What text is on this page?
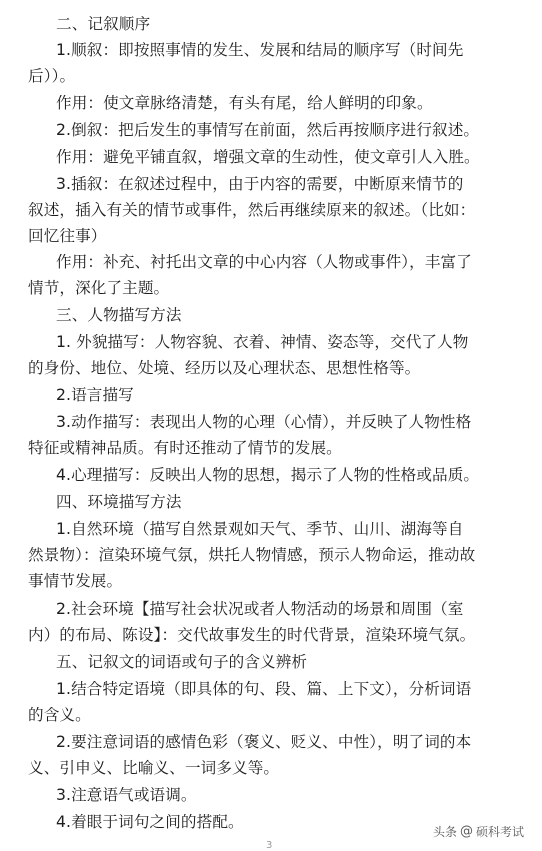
二、记叙顺序
1.顺叙：即按照事情的发生、发展和结局的顺序写（时间先
后））。
作用：使文章脉络清楚，有头有尾，给人鲜明的印象。
2.倒叙：把后发生的事情写在前面，然后再按顺序进行叙述。
作用：避免平铺直叙，增强文章的生动性，使文章引人入胜。
3.插叙：在叙述过程中，由于内容的需要，中断原来情节的
叙述，插入有关的情节或事件，然后再继续原来的叙述。（比如：
回忆往事）
作用：补充、衬托出文章的中心内容（人物或事件），丰富了
情节，深化了主题。
三、人物描写方法
1. 外貌描写：人物容貌、衣着、神情、姿态等，交代了人物
的身份、地位、处境、经历以及心理状态、思想性格等。
2.语言描写
3.动作描写：表现出人物的心理（心情），并反映了人物性格
特征或精神品质。有时还推动了情节的发展。
4.心理描写：反映出人物的思想，揭示了人物的性格或品质。
四、环境描写方法
1.自然环境（描写自然景观如天气、季节、山川、湖海等自
然景物）：渲染环境气氛，烘托人物情感，预示人物命运，推动故
事情节发展。
2.社会环境【描写社会状况或者人物活动的场景和周围（室
内）的布局、陈设】：交代故事发生的时代背景，渲染环境气氛。
五、记叙文的词语或句子的含义辨析
1.结合特定语境（即具体的句、段、篇、上下文），分析词语
的含义。
2.要注意词语的感情色彩（褒义、贬义、中性），明了词的本
义、引申义、比喻义、一词多义等。
3.注意语气或语调。
4.着眼于词句之间的搭配。
头条 @ 硕科考试
3
